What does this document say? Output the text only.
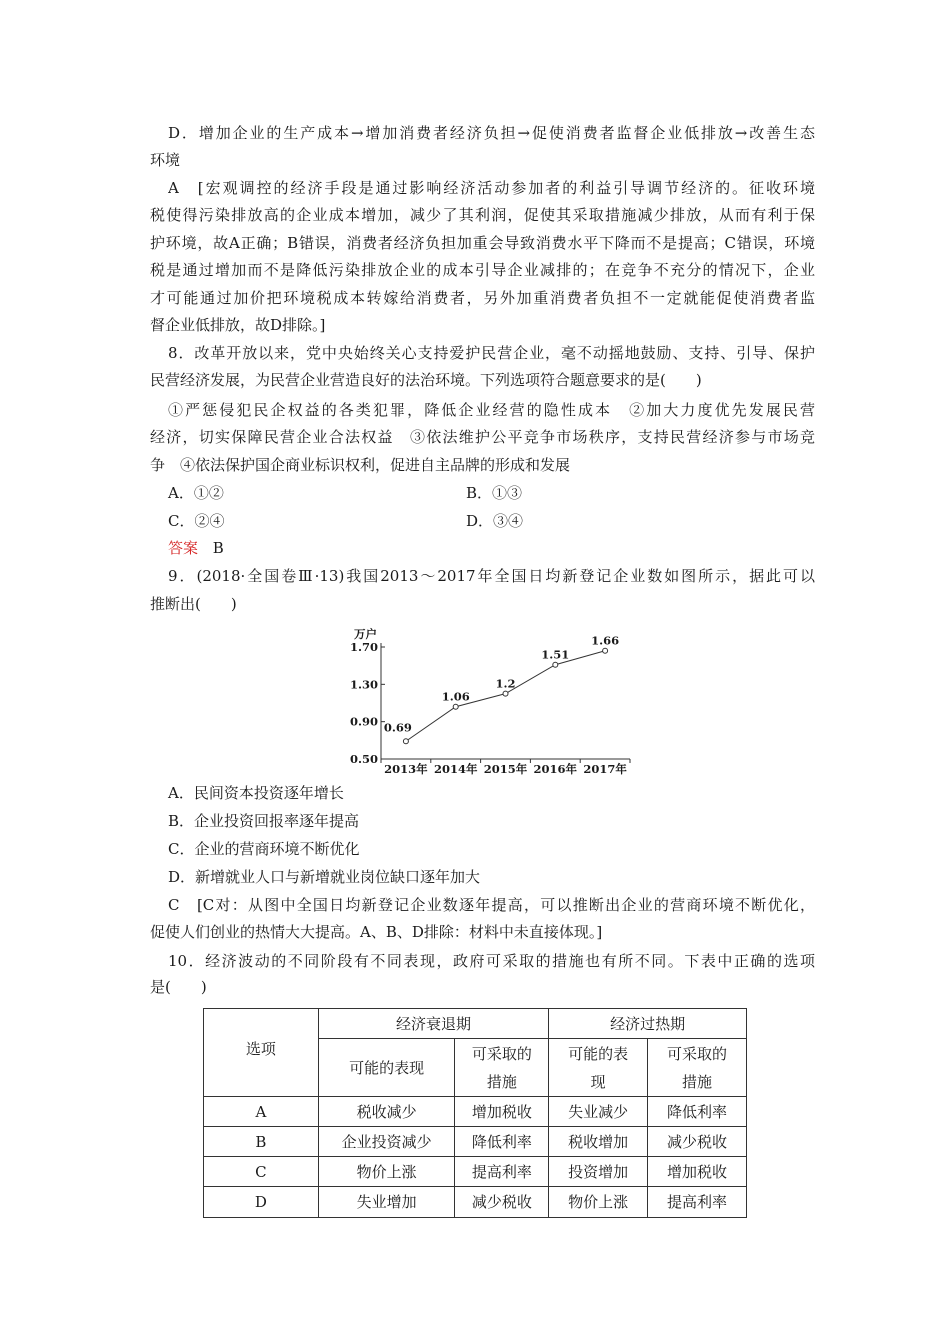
D．增加企业的生产成本→增加消费者经济负担→促使消费者监督企业低排放→改善生态
环境
A　[宏观调控的经济手段是通过影响经济活动参加者的利益引导调节经济的。征收环境
税使得污染排放高的企业成本增加，减少了其利润，促使其采取措施减少排放，从而有利于保
护环境，故A正确；B错误，消费者经济负担加重会导致消费水平下降而不是提高；C错误，环境
税是通过增加而不是降低污染排放企业的成本引导企业减排的；在竞争不充分的情况下，企业
才可能通过加价把环境税成本转嫁给消费者，另外加重消费者负担不一定就能促使消费者监
督企业低排放，故D排除。]
8．改革开放以来，党中央始终关心支持爱护民营企业，毫不动摇地鼓励、支持、引导、保护
民营经济发展，为民营企业营造良好的法治环境。下列选项符合题意要求的是(　　)
①严惩侵犯民企权益的各类犯罪，降低企业经营的隐性成本　②加大力度优先发展民营
经济，切实保障民营企业合法权益　③依法维护公平竞争市场秩序，支持民营经济参与市场竞
争　④依法保护国企商业标识权利，促进自主品牌的形成和发展
A．①②	B．①③
C．②④	D．③④
答案 B
9．(2018·全国卷Ⅲ·13)我国2013～2017年全国日均新登记企业数如图所示，据此可以
推断出(　　)
万户
0.50
0.90
1.30
1.70
2013年 2014年 2015年 2016年 2017年
0.69
1.06
1.2
1.51
1.66
A．民间资本投资逐年增长
B．企业投资回报率逐年提高
C．企业的营商环境不断优化
D．新增就业人口与新增就业岗位缺口逐年加大
C　[C对：从图中全国日均新登记企业数逐年提高，可以推断出企业的营商环境不断优化，
促使人们创业的热情大大提高。A、B、D排除：材料中未直接体现。]
10．经济波动的不同阶段有不同表现，政府可采取的措施也有所不同。下表中正确的选项
是(　　)
选项	经济衰退期		经济过热期	
	可能的表现	可采取的措施	可能的表现	可采取的措施
A	税收减少	增加税收	失业减少	降低利率
B	企业投资减少	降低利率	税收增加	减少税收
C	物价上涨	提高利率	投资增加	增加税收
D	失业增加	减少税收	物价上涨	提高利率
